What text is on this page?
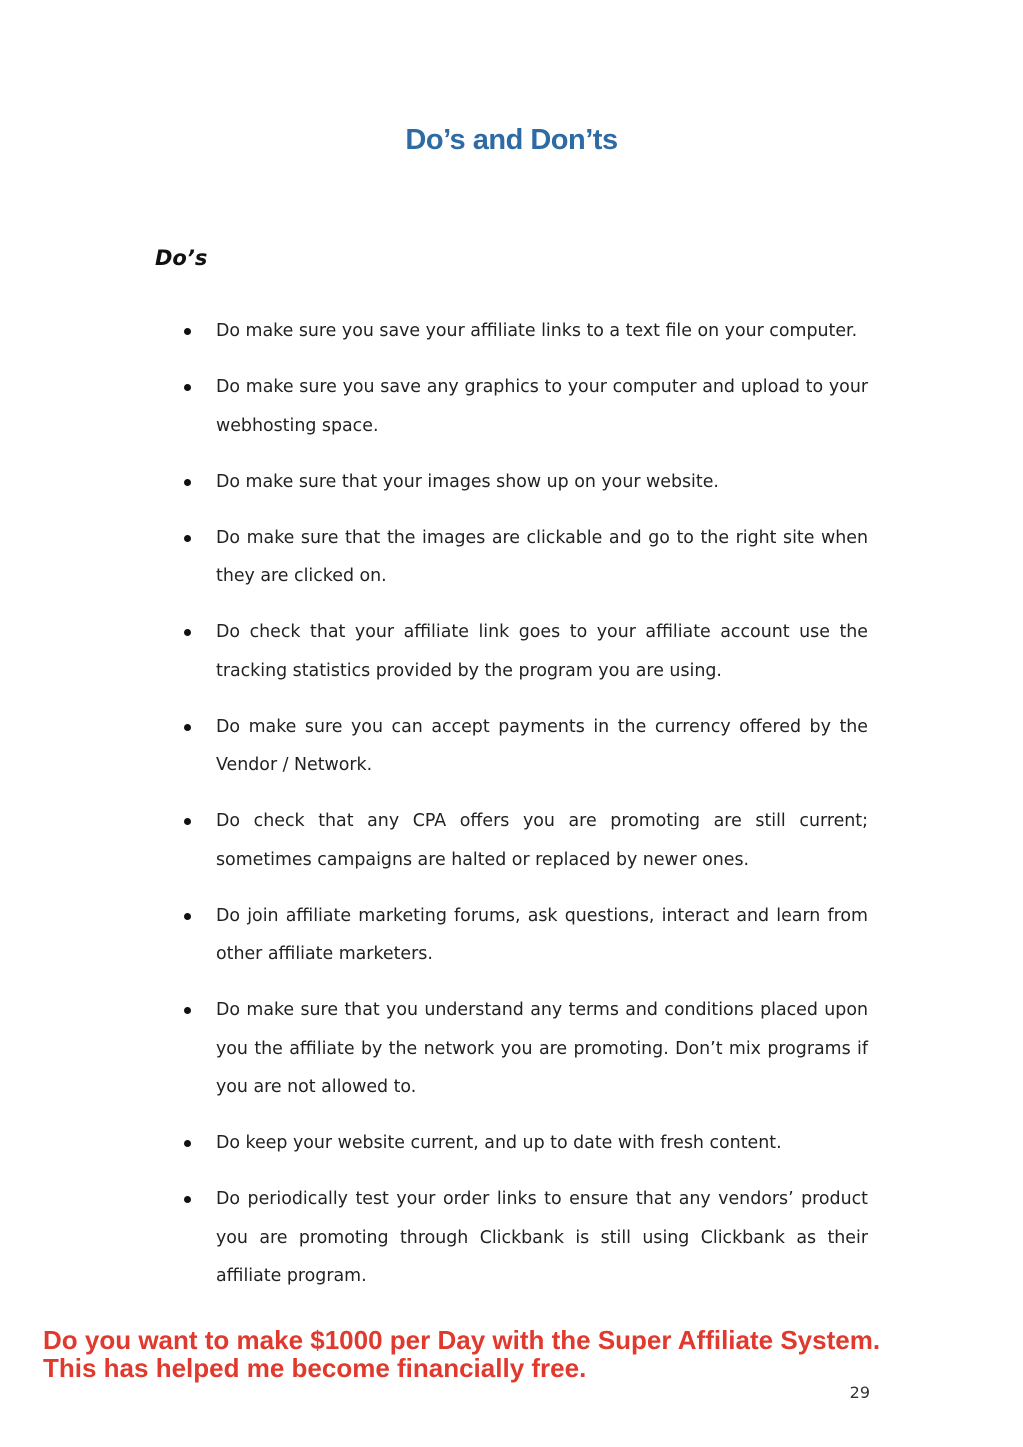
Do’s and Don’ts
Do’s
Do make sure you save your affiliate links to a text file on your computer.
Do make sure you save any graphics to your computer and upload to your webhosting space.
Do make sure that your images show up on your website.
Do make sure that the images are clickable and go to the right site when they are clicked on.
Do check that your affiliate link goes to your affiliate account use the tracking statistics provided by the program you are using.
Do make sure you can accept payments in the currency offered by the Vendor / Network.
Do check that any CPA offers you are promoting are still current; sometimes campaigns are halted or replaced by newer ones.
Do join affiliate marketing forums, ask questions, interact and learn from other affiliate marketers.
Do make sure that you understand any terms and conditions placed upon you the affiliate by the network you are promoting. Don’t mix programs if you are not allowed to.
Do keep your website current, and up to date with fresh content.
Do periodically test your order links to ensure that any vendors’ product you are promoting through Clickbank is still using Clickbank as their affiliate program.

Do you want to make $1000 per Day with the Super Affiliate System.
This has helped me become financially free.

29
